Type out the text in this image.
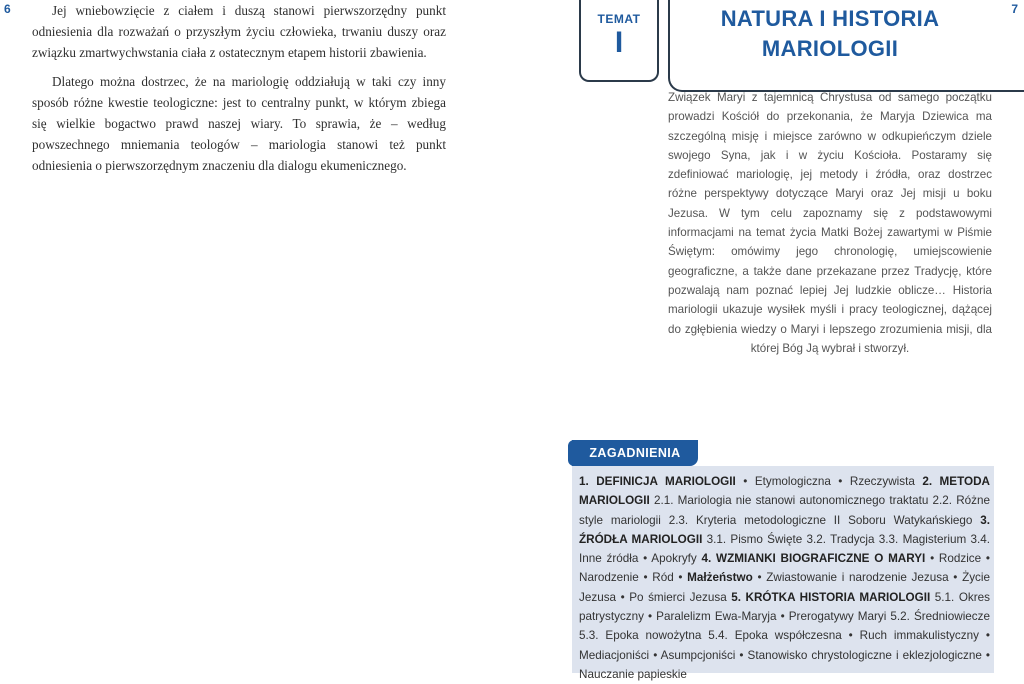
6	7

Jej wniebowzięcie z ciałem i duszą stanowi pierwszorzędny punkt odniesienia dla rozważań o przyszłym życiu człowieka, trwaniu duszy oraz związku zmartwychwstania ciała z ostatecznym etapem historii zbawienia.

Dlatego można dostrzec, że na mariologię oddziałują w taki czy inny sposób różne kwestie teologiczne: jest to centralny punkt, w którym zbiega się wielkie bogactwo prawd naszej wiary. To sprawia, że – według powszechnego mniemania teologów – mariologia stanowi też punkt odniesienia o pierwszorzędnym znaczeniu dla dialogu ekumenicznego.

TEMAT
I
NATURA I HISTORIA
MARIOLOGII

Związek Maryi z tajemnicą Chrystusa od samego początku prowadzi Kościół do przekonania, że Maryja Dziewica ma szczególną misję i miejsce zarówno w odkupieńczym dziele swojego Syna, jak i w życiu Kościoła. Postaramy się zdefiniować mariologię, jej metody i źródła, oraz dostrzec różne perspektywy dotyczące Maryi oraz Jej misji u boku Jezusa. W tym celu zapoznamy się z podstawowymi informacjami na temat życia Matki Bożej zawartymi w Piśmie Świętym: omówimy jego chronologię, umiejscowienie geograficzne, a także dane przekazane przez Tradycję, które pozwalają nam poznać lepiej Jej ludzkie oblicze… Historia mariologii ukazuje wysiłek myśli i pracy teologicznej, dążącej do zgłębienia wiedzy o Maryi i lepszego zrozumienia misji, dla której Bóg Ją wybrał i stworzył.

ZAGADNIENIA
1. DEFINICJA MARIOLOGII • Etymologiczna • Rzeczywista 2. METODA MARIOLOGII 2.1. Mariologia nie stanowi autonomicznego traktatu 2.2. Różne style mariologii 2.3. Kryteria metodologiczne II Soboru Watykańskiego 3. ŹRÓDŁA MARIOLOGII 3.1. Pismo Święte 3.2. Tradycja 3.3. Magisterium 3.4. Inne źródła • Apokryfy 4. WZMIANKI BIOGRAFICZNE O MARYI • Rodzice • Narodzenie • Ród • Małżeństwo • Zwiastowanie i narodzenie Jezusa • Życie Jezusa • Po śmierci Jezusa 5. KRÓTKA HISTORIA MARIOLOGII 5.1. Okres patrystyczny • Paralelizm Ewa-Maryja • Prerogatywy Maryi 5.2. Średniowiecze 5.3. Epoka nowożytna 5.4. Epoka współczesna • Ruch immakulistyczny • Mediacjoniści • Asumpcjoniści • Stanowisko chrystologiczne i eklezjologiczne • Nauczanie papieskie
